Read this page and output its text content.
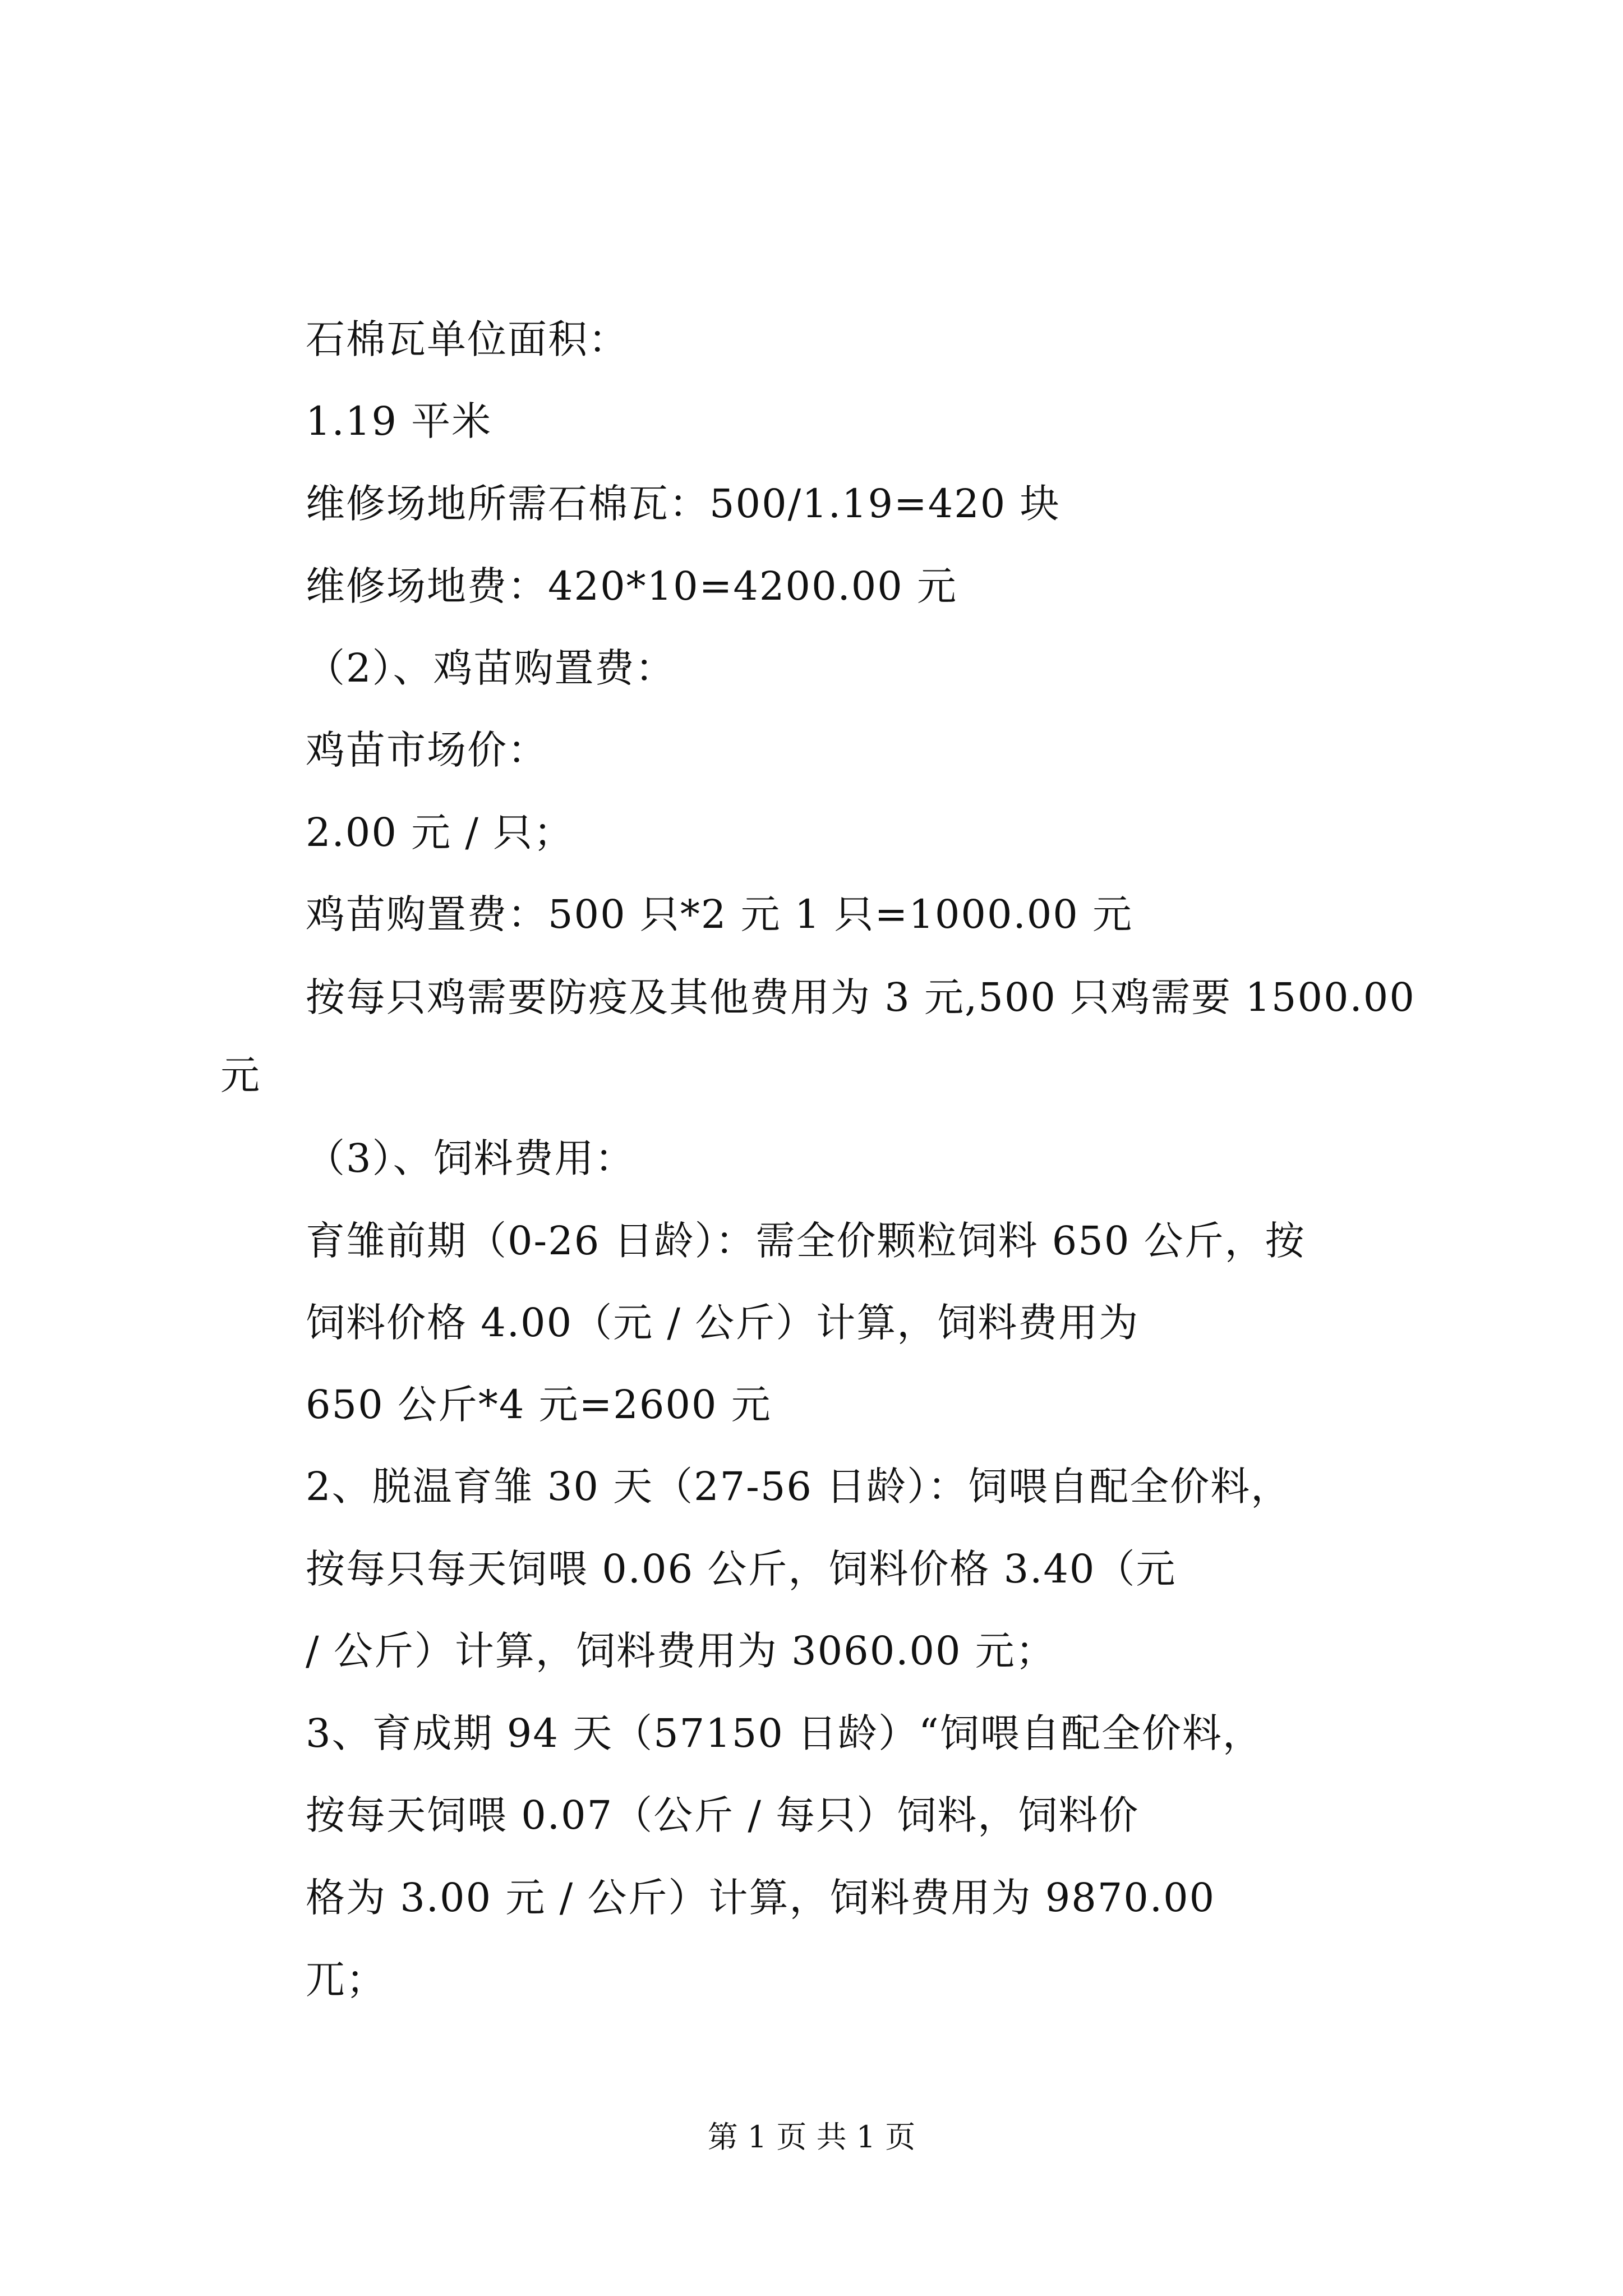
石棉瓦单位面积：
1.19 平米
维修场地所需石棉瓦：500/1.19=420 块
维修场地费：420*10=4200.00 元
（2）、鸡苗购置费：
鸡苗市场价：
2.00 元 / 只；
鸡苗购置费：500 只*2 元 1 只=1000.00 元
按每只鸡需要防疫及其他费用为 3 元,500 只鸡需要 1500.00
元
（3）、饲料费用：
育雏前期（0-26 日龄）：需全价颗粒饲料 650 公斤，按
饲料价格 4.00（元 / 公斤）计算，饲料费用为
650 公斤*4 元=2600 元
2、脱温育雏 30 天（27-56 日龄）：饲喂自配全价料，
按每只每天饲喂 0.06 公斤，饲料价格 3.40（元
/ 公斤）计算，饲料费用为 3060.00 元；
3、育成期 94 天（57150 日龄）“饲喂自配全价料，
按每天饲喂 0.07（公斤 / 每只）饲料，饲料价
格为 3.00 元 / 公斤）计算，饲料费用为 9870.00
兀；
第 1 页 共 1 页
